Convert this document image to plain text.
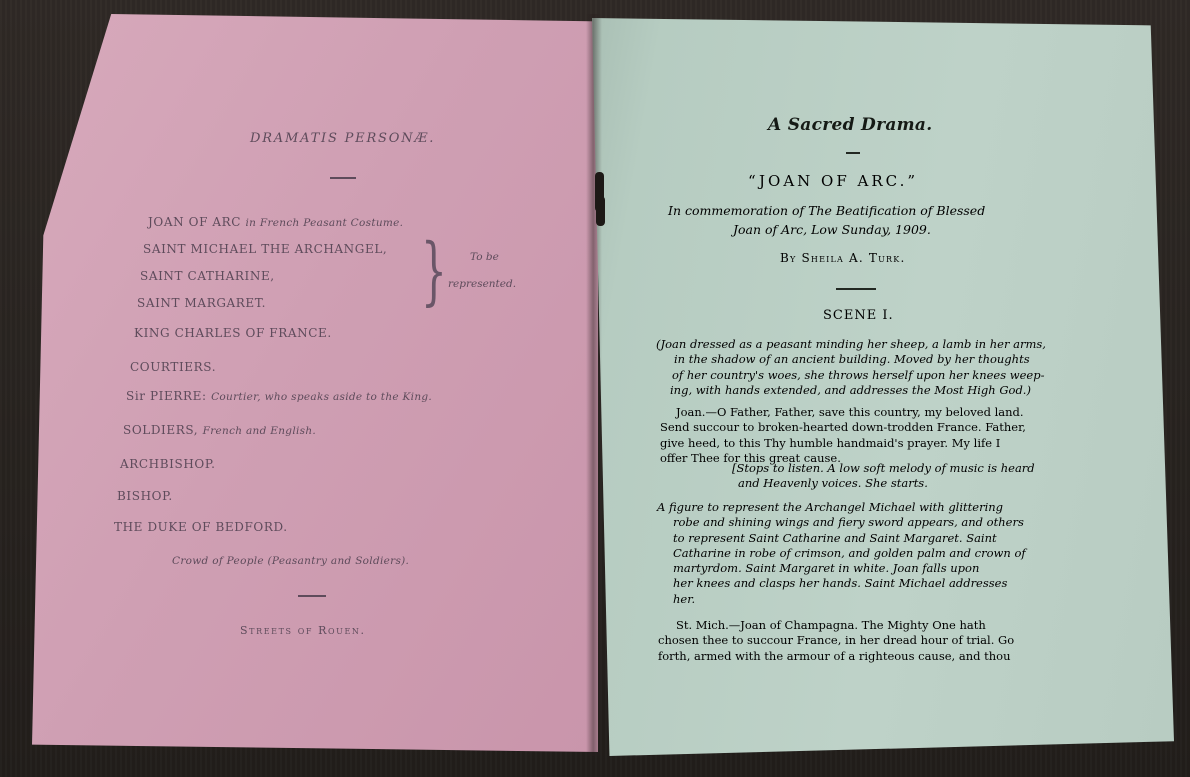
DRAMATIS PERSONÆ.
JOAN OF ARC in French Peasant Costume.
SAINT MICHAEL THE ARCHANGEL,
SAINT CATHARINE,
SAINT MARGARET. } To be
represented.
KING CHARLES OF FRANCE.
COURTIERS.
Sir PIERRE: Courtier, who speaks aside to the King.
SOLDIERS, French and English.
ARCHBISHOP.
BISHOP.
THE DUKE OF BEDFORD.
Crowd of People (Peasantry and Soldiers).
Streets of Rouen.
A Sacred Drama.
“JOAN OF ARC.”
In commemoration of The Beatification of Blessed
Joan of Arc, Low Sunday, 1909.
By Sheila A. Turk.
SCENE I.
(Joan dressed as a peasant minding her sheep, a lamb in her arms,
in the shadow of an ancient building. Moved by her thoughts
of her country's woes, she throws herself upon her knees weep-
ing, with hands extended, and addresses the Most High God.)
Joan.—O Father, Father, save this country, my beloved land.
Send succour to broken-hearted down-trodden France. Father,
give heed, to this Thy humble handmaid's prayer. My life I
offer Thee for this great cause.
[Stops to listen. A low soft melody of music is heard
and Heavenly voices. She starts.
A figure to represent the Archangel Michael with glittering
robe and shining wings and fiery sword appears, and others
to represent Saint Catharine and Saint Margaret. Saint
Catharine in robe of crimson, and golden palm and crown of
martyrdom. Saint Margaret in white. Joan falls upon
her knees and clasps her hands. Saint Michael addresses
her.
St. Mich.—Joan of Champagna. The Mighty One hath
chosen thee to succour France, in her dread hour of trial. Go
forth, armed with the armour of a righteous cause, and thou
